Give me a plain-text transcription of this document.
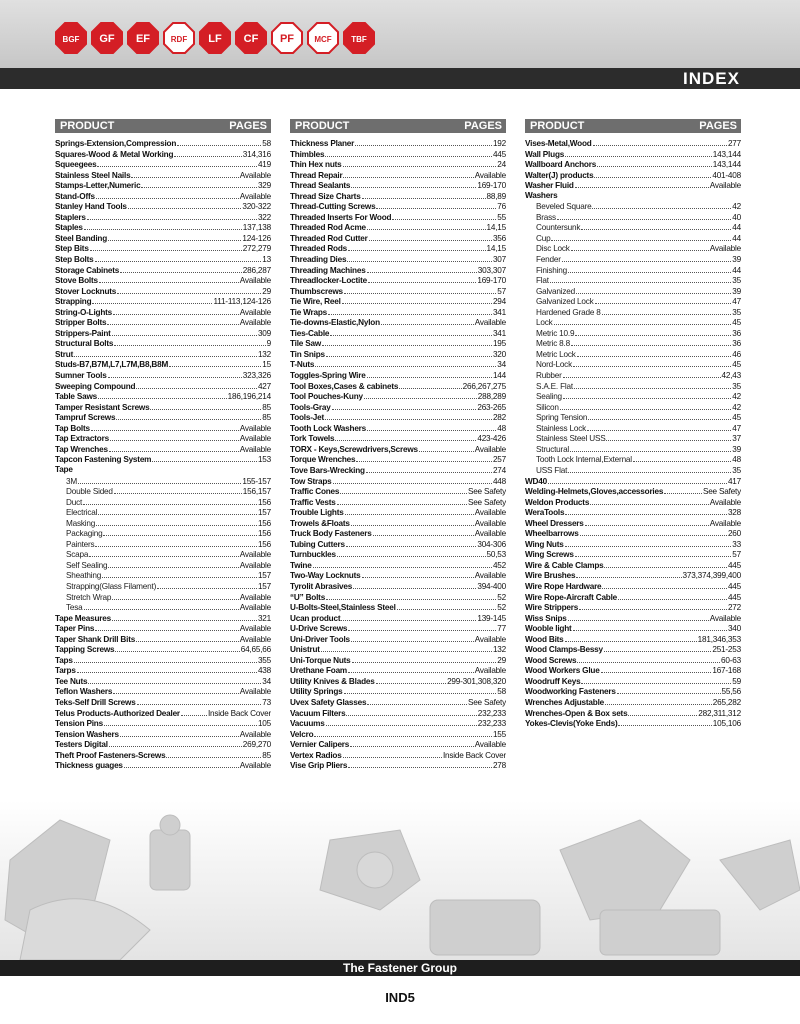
BGF GF EF	RDF LF CF PF	MCF TBF
INDEX
PRODUCT	PAGES
Springs-Extension,Compression	58
Squares-Wood & Metal Working	314,316
Squeegees	419
Stainless Steel Nails	Available
Stamps-Letter,Numeric	329
Stand-Offs	Available
Stanley Hand Tools	320-322
Staplers	322
Staples	137,138
Steel Banding	124-126
Step Bits	272,279
Step Bolts	13
Storage Cabinets	286,287
Stove Bolts	Available
Stover Locknuts	29
Strapping	111-113,124-126
String-O-Lights	Available
Stripper Bolts	Available
Strippers-Paint	309
Structural Bolts	9
Strut	132
Studs-B7,B7M,L7,L7M,B8,B8M	15
Sumner Tools	323,326
Sweeping Compound	427
Table Saws	186,196,214
Tamper Resistant Screws	85
Tampruf Screws	85
Tap Bolts	Available
Tap Extractors	Available
Tap Wrenches	Available
Tapcon Fastening System	153
Tape
3M	155-157
Double Sided	156,157
Duct	156
Electrical	157
Masking	156
Packaging	156
Painters	156
Scapa	Available
Self Sealing	Available
Sheathing	157
Strapping(Glass Filament)	157
Stretch Wrap	Available
Tesa	Available
Tape Measures	321
Taper Pins	Available
Taper Shank Drill Bits	Available
Tapping Screws	64,65,66
Taps	355
Tarps	438
Tee Nuts	34
Teflon Washers	Available
Teks-Self Drill Screws	73
Telus Products-Authorized Dealer	Inside Back Cover
Tension Pins	105
Tension Washers	Available
Testers Digital	269,270
Theft Proof Fasteners-Screws	85
Thickness guages	Available
PRODUCT	PAGES
Thickness Planer	192
Thimbles	445
Thin Hex nuts	24
Thread Repair	Available
Thread Sealants	169-170
Thread Size Charts	88,89
Thread-Cutting Screws	76
Threaded Inserts For Wood	55
Threaded Rod Acme	14,15
Threaded Rod Cutter	356
Threaded Rods	14,15
Threading Dies	307
Threading Machines	303,307
Threadlocker-Loctite	169-170
Thumbscrews	57
Tie Wire, Reel	294
Tie Wraps	341
Tie-downs-Elastic,Nylon	Available
Ties-Cable	341
Tile Saw	195
Tin Snips	320
T-Nuts	34
Toggles-Spring Wire	144
Tool Boxes,Cases & cabinets	266,267,275
Tool Pouches-Kuny	288,289
Tools-Gray	263-265
Tools-Jet	282
Tooth Lock Washers	48
Tork Towels	423-426
TORX - Keys,Screwdrivers,Screws	Available
Torque Wrenches	257
Tove Bars-Wrecking	274
Tow Straps	448
Traffic Cones	See Safety
Traffic Vests	See Safety
Trouble Lights	Available
Trowels &Floats	Available
Truck Body Fasteners	Available
Tubing Cutters	304-306
Turnbuckles	50,53
Twine	452
Two-Way Locknuts	Available
Tyrolit Abrasives	394-400
“U” Bolts	52
U-Bolts-Steel,Stainless Steel	52
Ucan product	139-145
U-Drive Screws	77
Uni-Driver Tools	Available
Unistrut	132
Uni-Torque Nuts	29
Urethane Foam	Available
Utility Knives & Blades	299-301,308,320
Utility Springs	58
Uvex Safety Glasses	See Safety
Vacuum Filters	232,233
Vacuums	232,233
Velcro	155
Vernier Calipers	Available
Vertex Radios	Inside Back Cover
Vise Grip Pliers	278
PRODUCT	PAGES
Vises-Metal,Wood	277
Wall Plugs	143,144
Wallboard Anchors	143,144
Walter(J) products	401-408
Washer Fluid	Available
Washers
Beveled Square	42
Brass	40
Countersunk	44
Cup	44
Disc Lock	Available
Fender	39
Finishing	44
Flat	35
Galvanized	39
Galvanized Lock	47
Hardened Grade 8	35
Lock	45
Metric 10.9	36
Metric 8.8	36
Metric Lock	46
Nord-Lock	45
Rubber	42,43
S.A.E. Flat	35
Sealing	42
Silicon	42
Spring Tension	45
Stainless Lock	47
Stainless Steel USS	37
Structural	39
Tooth Lock Internal,External	48
USS Flat	35
WD40	417
Welding-Helmets,Gloves,accessories	See Safety
Weldon Products	Available
WeraTools	328
Wheel Dressers	Available
Wheelbarrows	260
Wing Nuts	33
Wing Screws	57
Wire & Cable Clamps	445
Wire Brushes	373,374,399,400
Wire Rope Hardware	445
Wire Rope-Aircraft Cable	445
Wire Strippers	272
Wiss Snips	Available
Wooble light	340
Wood Bits	181,346,353
Wood Clamps-Bessy	251-253
Wood Screws	60-63
Wood Workers Glue	167-168
Woodruff Keys	59
Woodworking Fasteners	55,56
Wrenches Adjustable	265,282
Wrenches-Open & Box sets	282,311,312
Yokes-Clevis(Yoke Ends)	105,106
The Fastener Group
IND5
